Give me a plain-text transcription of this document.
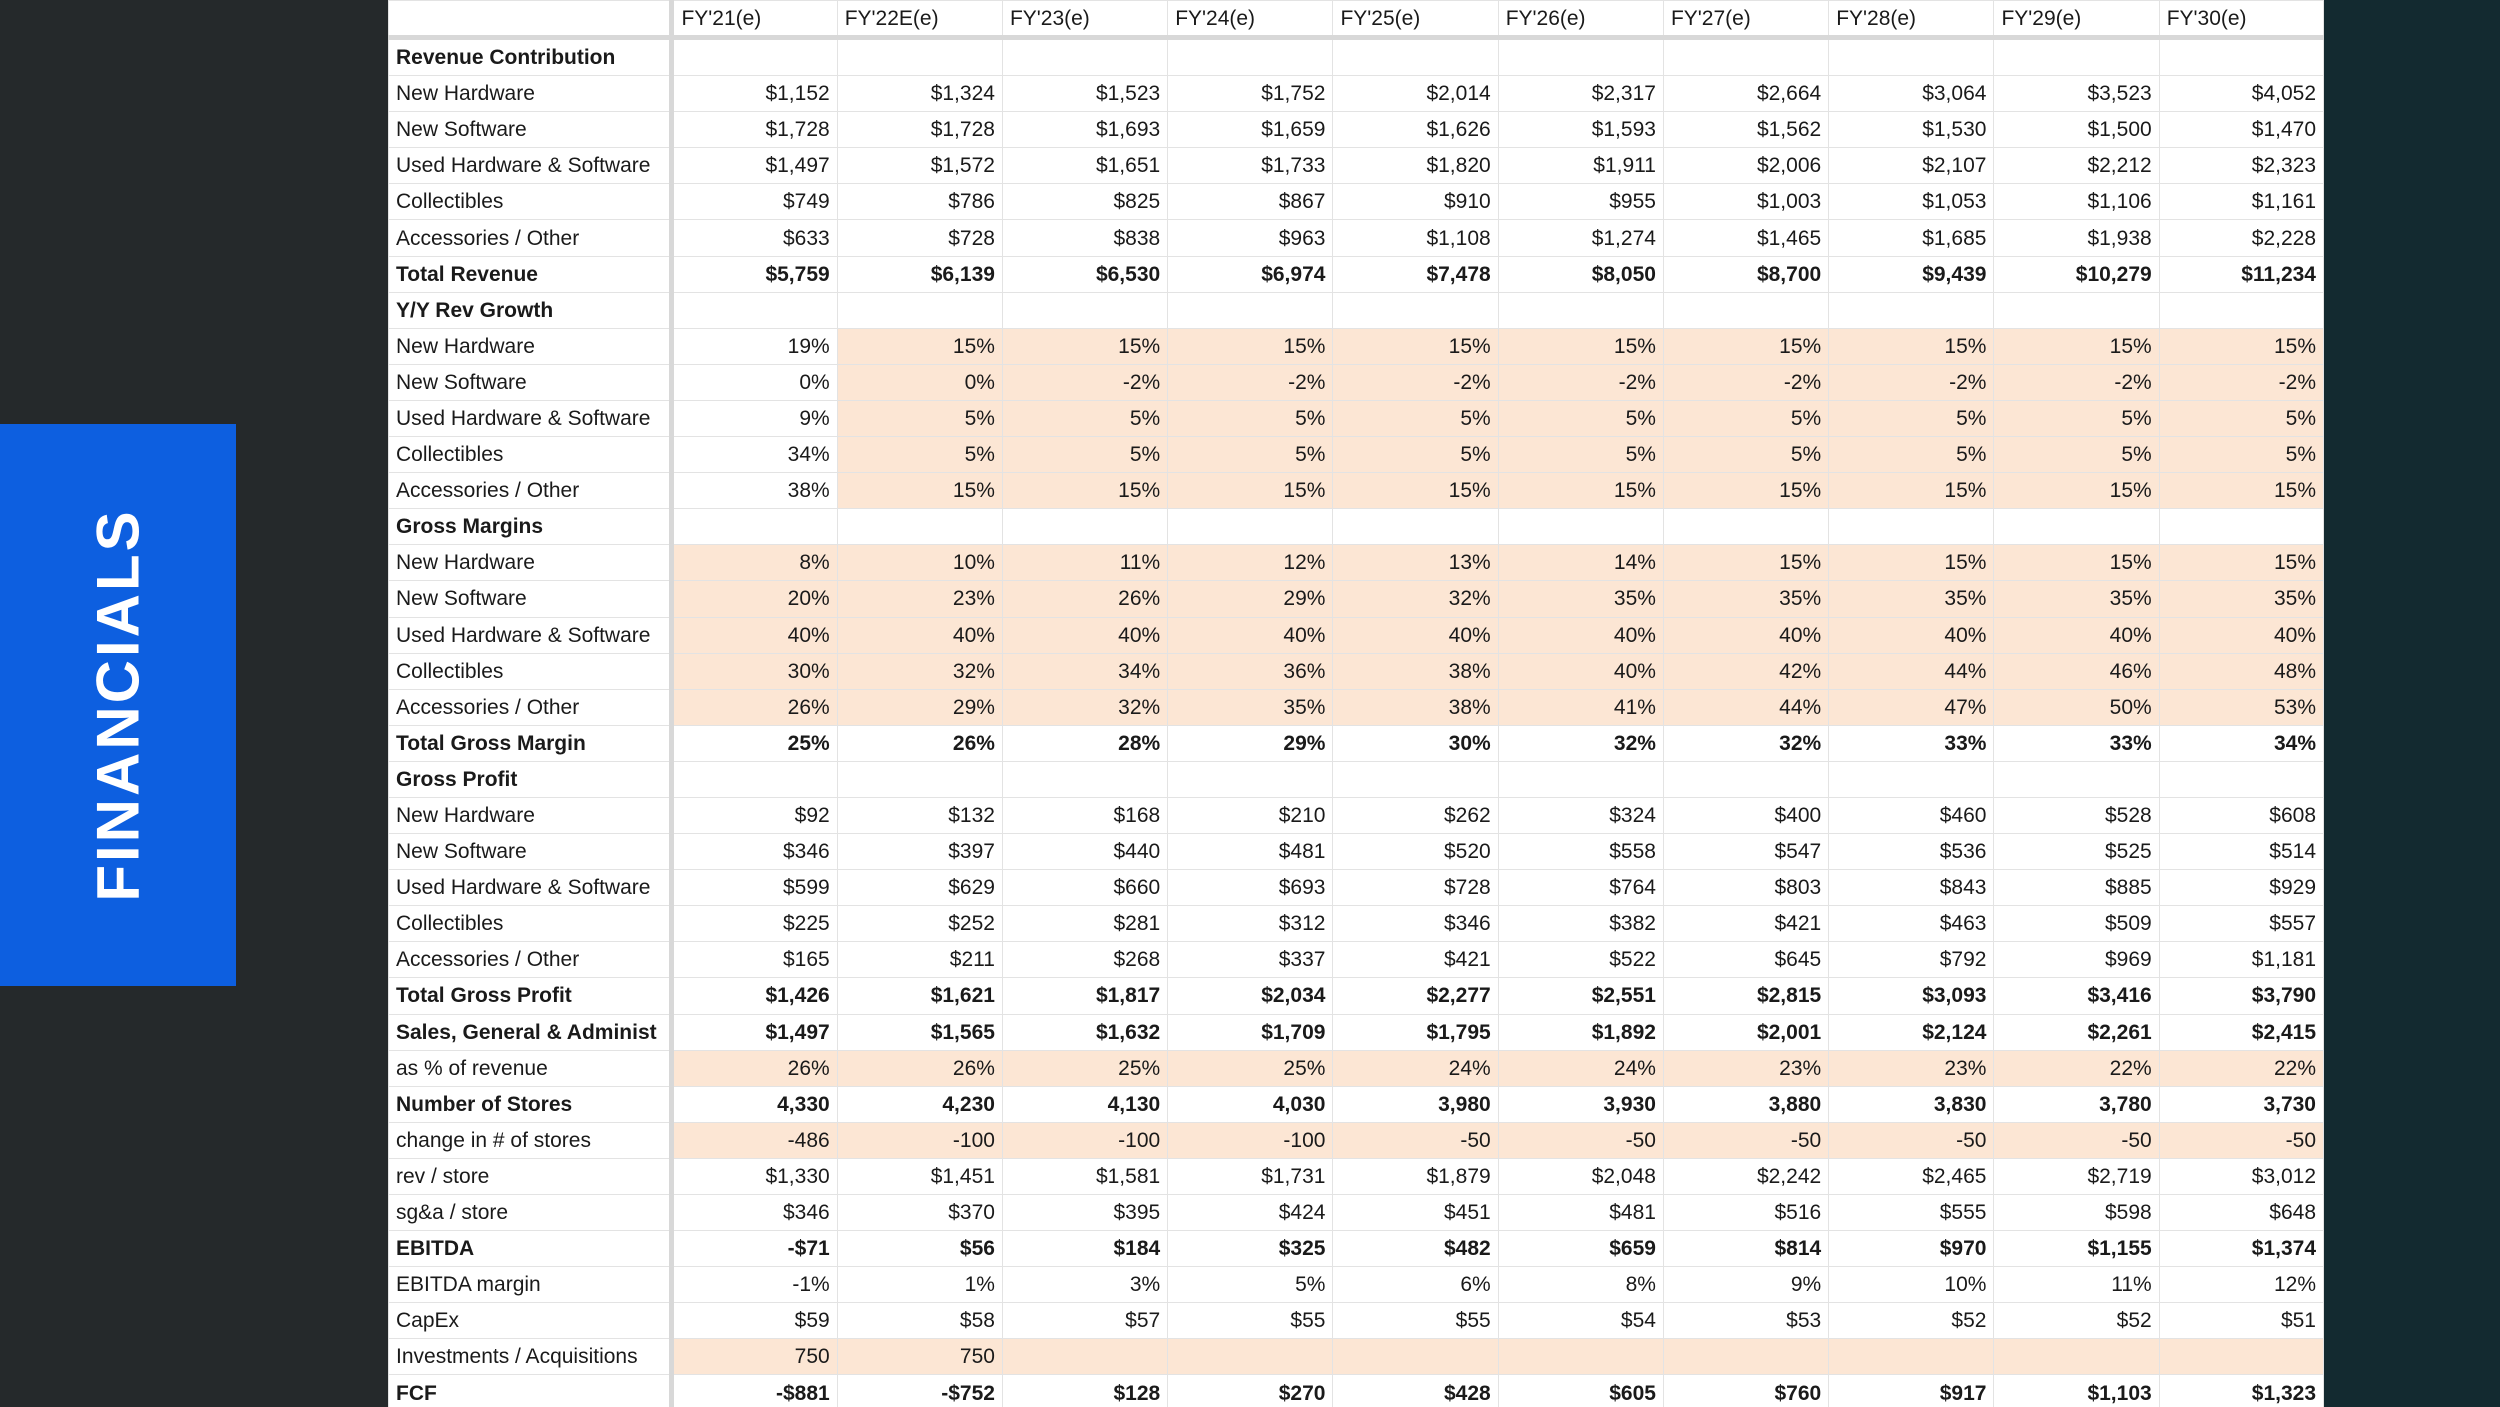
FINANCIALS
	FY'21(e)	FY'22E(e)	FY'23(e)	FY'24(e)	FY'25(e)	FY'26(e)	FY'27(e)	FY'28(e)	FY'29(e)	FY'30(e)
Revenue Contribution										
New Hardware	$1,152	$1,324	$1,523	$1,752	$2,014	$2,317	$2,664	$3,064	$3,523	$4,052
New Software	$1,728	$1,728	$1,693	$1,659	$1,626	$1,593	$1,562	$1,530	$1,500	$1,470
Used Hardware & Software	$1,497	$1,572	$1,651	$1,733	$1,820	$1,911	$2,006	$2,107	$2,212	$2,323
Collectibles	$749	$786	$825	$867	$910	$955	$1,003	$1,053	$1,106	$1,161
Accessories / Other	$633	$728	$838	$963	$1,108	$1,274	$1,465	$1,685	$1,938	$2,228
Total Revenue	$5,759	$6,139	$6,530	$6,974	$7,478	$8,050	$8,700	$9,439	$10,279	$11,234
Y/Y Rev Growth										
New Hardware	19%	15%	15%	15%	15%	15%	15%	15%	15%	15%
New Software	0%	0%	-2%	-2%	-2%	-2%	-2%	-2%	-2%	-2%
Used Hardware & Software	9%	5%	5%	5%	5%	5%	5%	5%	5%	5%
Collectibles	34%	5%	5%	5%	5%	5%	5%	5%	5%	5%
Accessories / Other	38%	15%	15%	15%	15%	15%	15%	15%	15%	15%
Gross Margins										
New Hardware	8%	10%	11%	12%	13%	14%	15%	15%	15%	15%
New Software	20%	23%	26%	29%	32%	35%	35%	35%	35%	35%
Used Hardware & Software	40%	40%	40%	40%	40%	40%	40%	40%	40%	40%
Collectibles	30%	32%	34%	36%	38%	40%	42%	44%	46%	48%
Accessories / Other	26%	29%	32%	35%	38%	41%	44%	47%	50%	53%
Total Gross Margin	25%	26%	28%	29%	30%	32%	32%	33%	33%	34%
Gross Profit										
New Hardware	$92	$132	$168	$210	$262	$324	$400	$460	$528	$608
New Software	$346	$397	$440	$481	$520	$558	$547	$536	$525	$514
Used Hardware & Software	$599	$629	$660	$693	$728	$764	$803	$843	$885	$929
Collectibles	$225	$252	$281	$312	$346	$382	$421	$463	$509	$557
Accessories / Other	$165	$211	$268	$337	$421	$522	$645	$792	$969	$1,181
Total Gross Profit	$1,426	$1,621	$1,817	$2,034	$2,277	$2,551	$2,815	$3,093	$3,416	$3,790
Sales, General & Administ	$1,497	$1,565	$1,632	$1,709	$1,795	$1,892	$2,001	$2,124	$2,261	$2,415
as % of revenue	26%	26%	25%	25%	24%	24%	23%	23%	22%	22%
Number of Stores	4,330	4,230	4,130	4,030	3,980	3,930	3,880	3,830	3,780	3,730
change in # of stores	-486	-100	-100	-100	-50	-50	-50	-50	-50	-50
rev / store	$1,330	$1,451	$1,581	$1,731	$1,879	$2,048	$2,242	$2,465	$2,719	$3,012
sg&a / store	$346	$370	$395	$424	$451	$481	$516	$555	$598	$648
EBITDA	-$71	$56	$184	$325	$482	$659	$814	$970	$1,155	$1,374
EBITDA margin	-1%	1%	3%	5%	6%	8%	9%	10%	11%	12%
CapEx	$59	$58	$57	$55	$55	$54	$53	$52	$52	$51
Investments / Acquisitions	750	750								
FCF	-$881	-$752	$128	$270	$428	$605	$760	$917	$1,103	$1,323
